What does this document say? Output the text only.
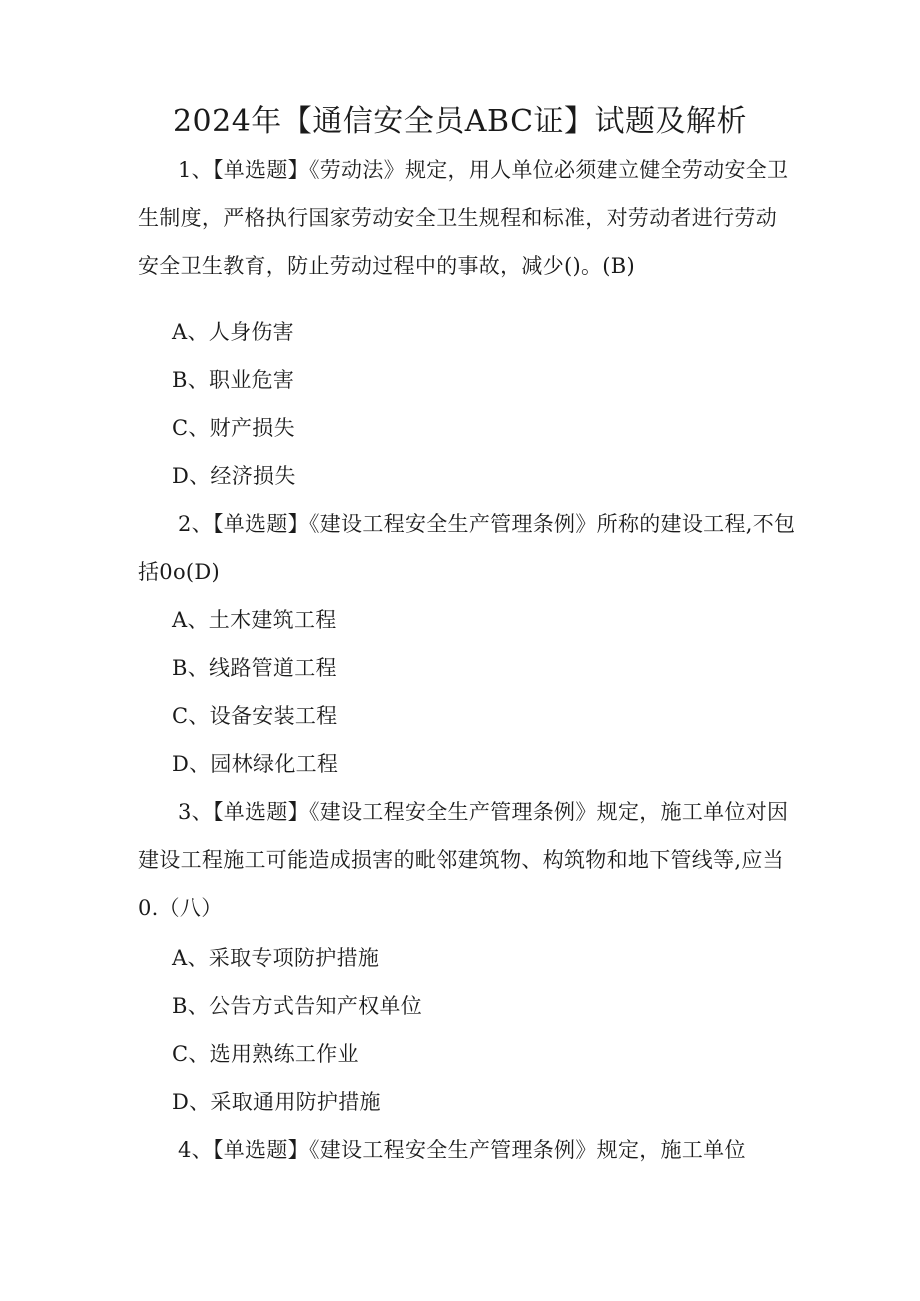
2024年【通信安全员ABC证】试题及解析
1、【单选题】《劳动法》规定，用人单位必须建立健全劳动安全卫生制度，严格执行国家劳动安全卫生规程和标准，对劳动者进行劳动安全卫生教育，防止劳动过程中的事故，减少()。(B)
A、人身伤害
B、职业危害
C、财产损失
D、经济损失
2、【单选题】《建设工程安全生产管理条例》所称的建设工程,不包括0o(D)
A、土木建筑工程
B、线路管道工程
C、设备安装工程
D、园林绿化工程
3、【单选题】《建设工程安全生产管理条例》规定，施工单位对因建设工程施工可能造成损害的毗邻建筑物、构筑物和地下管线等,应当0.（八）
A、采取专项防护措施
B、公告方式告知产权单位
C、选用熟练工作业
D、采取通用防护措施
4、【单选题】《建设工程安全生产管理条例》规定，施工单位
